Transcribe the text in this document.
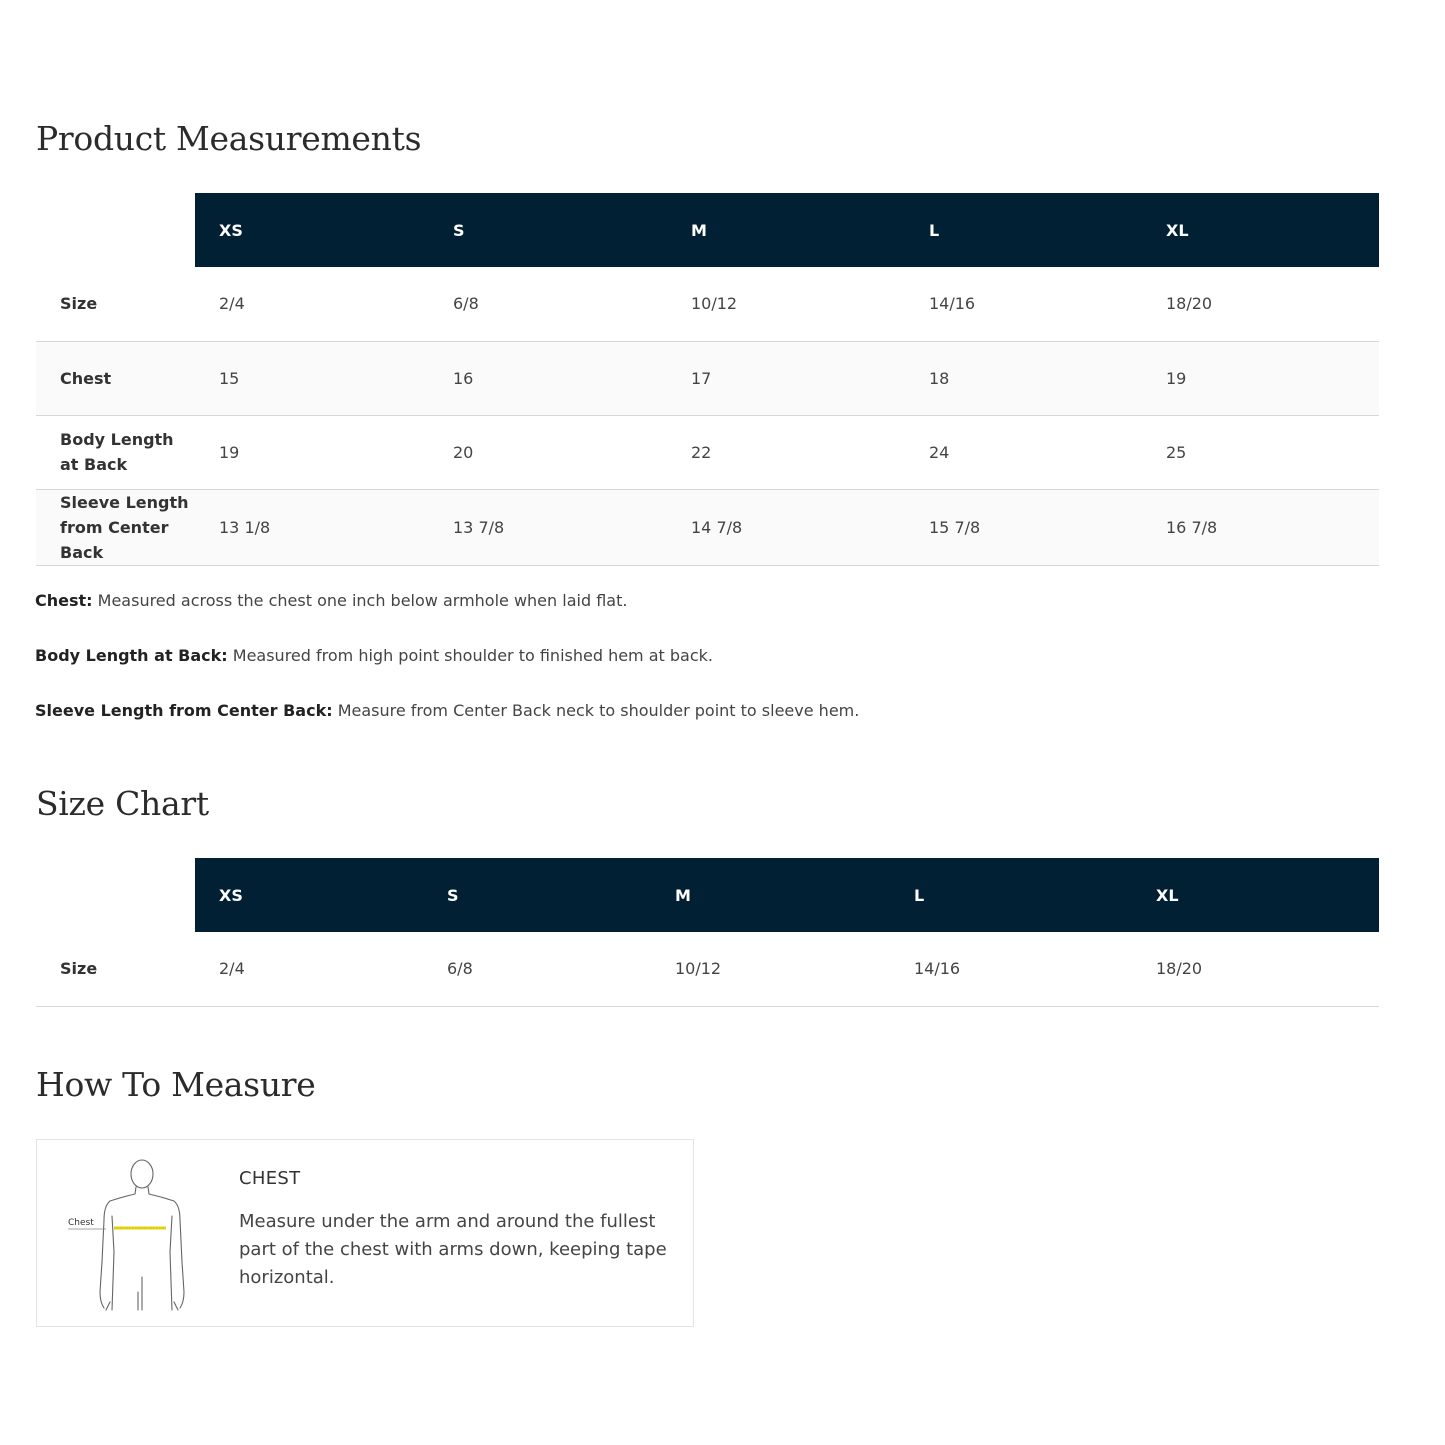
Product Measurements
	XS	S	M	L	XL
Size	2/4	6/8	10/12	14/16	18/20
Chest	15	16	17	18	19
Body Length at Back	19	20	22	24	25
Sleeve Length from Center Back	13 1/8	13 7/8	14 7/8	15 7/8	16 7/8

Chest: Measured across the chest one inch below armhole when laid flat.

Body Length at Back: Measured from high point shoulder to finished hem at back.

Sleeve Length from Center Back: Measure from Center Back neck to shoulder point to sleeve hem.

Size Chart
	XS	S	M	L	XL
Size	2/4	6/8	10/12	14/16	18/20
How To Measure
Chest
CHEST

Measure under the arm and around the fullest part of the chest with arms down, keeping tape horizontal.
